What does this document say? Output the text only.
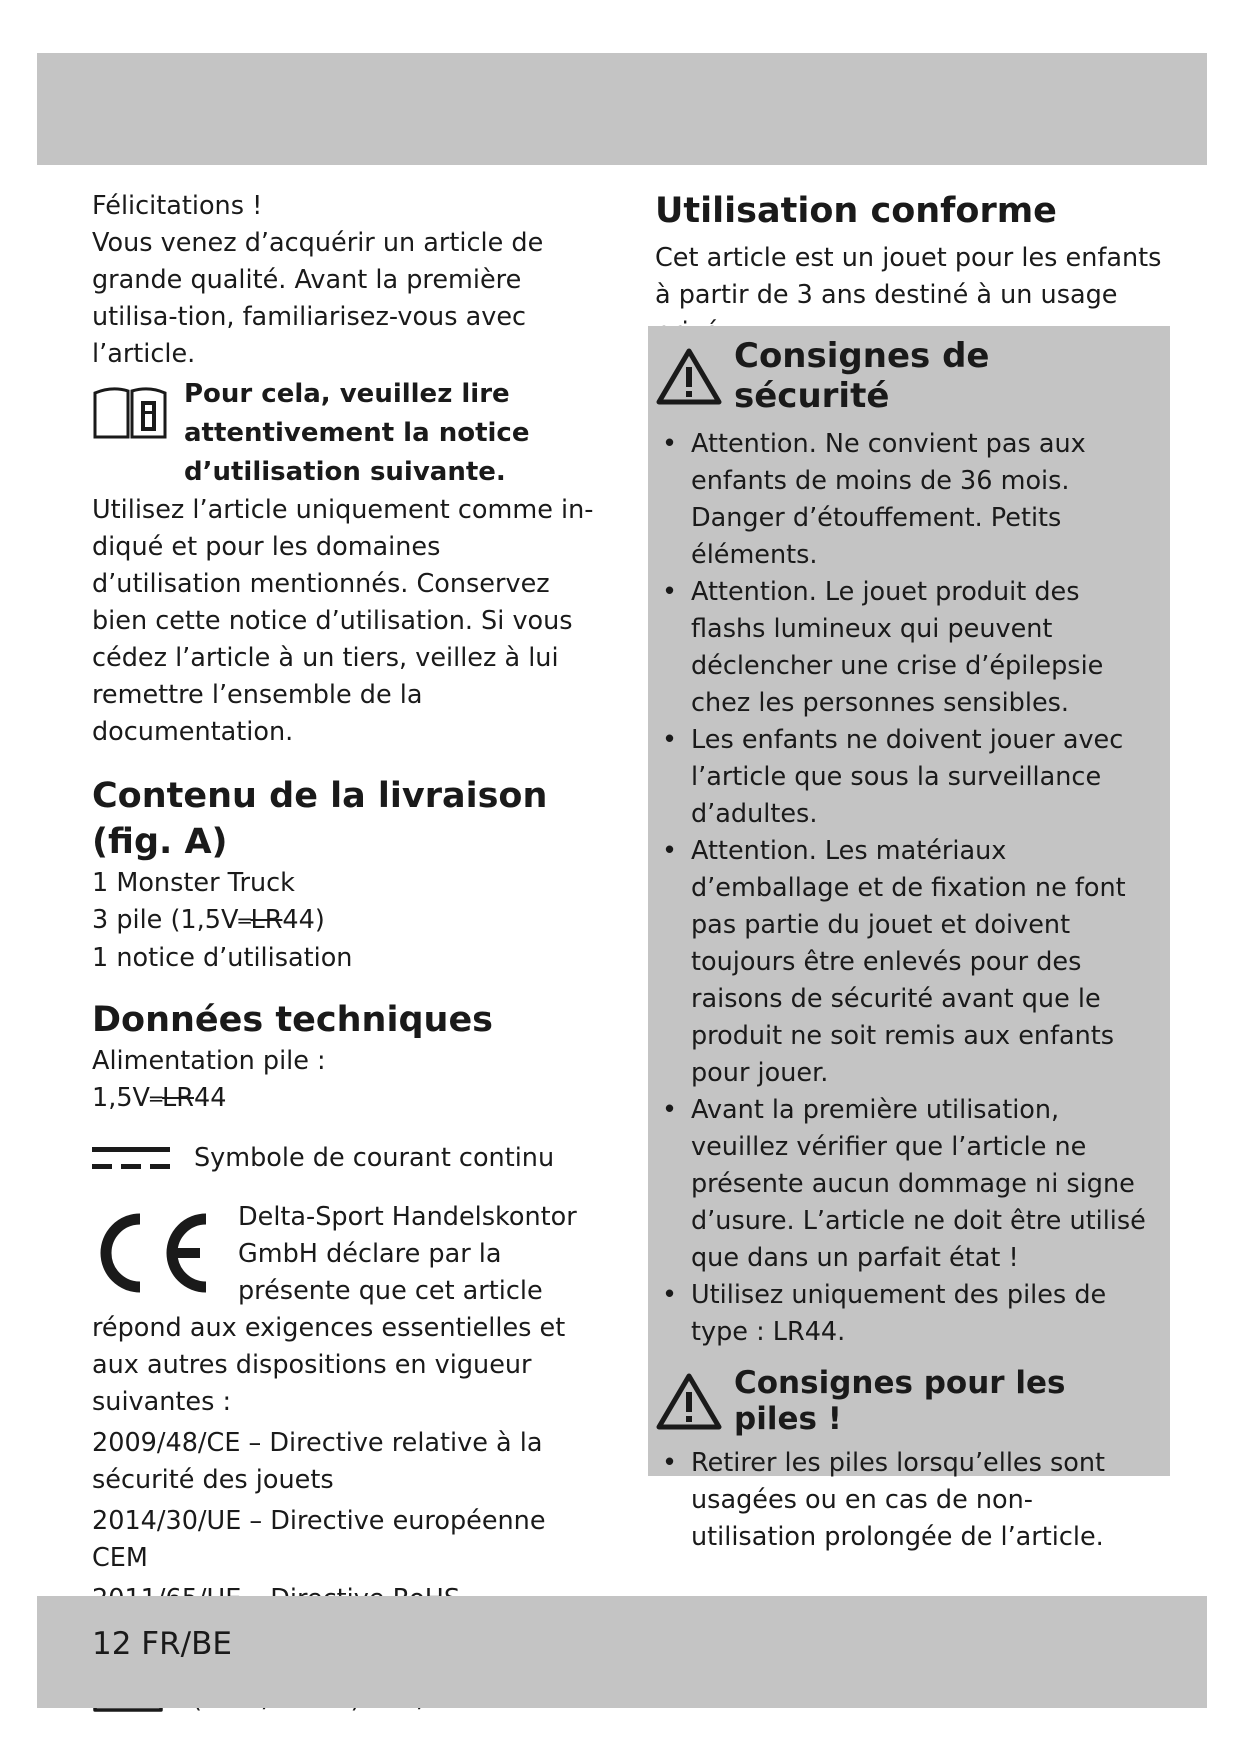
Félicitations !

Vous venez d’acquérir un article de grande qualité. Avant la première utilisa-tion, familiarisez-vous avec l’article.

Pour cela, veuillez lire
attentivement la notice
d’utilisation suivante.

Utilisez l’article uniquement comme in-diqué et pour les domaines d’utilisation mentionnés. Conservez bien cette notice d’utilisation. Si vous cédez l’article à un tiers, veillez à lui remettre l’ensemble de la documentation.

Contenu de la livraison

(fig. A)

1 Monster Truck

3 pile (1,5V═LR44)

1 notice d’utilisation

Données techniques

Alimentation pile :

1,5V═LR44

Symbole de courant continu

Delta-Sport Handelskontor

GmbH déclare par la

présente que cet article

répond aux exigences essentielles et aux autres dispositions en vigueur suivantes :

2009/48/CE – Directive relative à la sécurité des jouets

2014/30/UE – Directive européenne CEM

Utilisation conforme

Cet article est un jouet pour les enfants à partir de 3 ans destiné à un usage

Consignes de sécurité
• Attention. Ne convient pas aux enfants de moins de 36 mois. Danger d’étouffement. Petits éléments.
• Attention. Le jouet produit des flashs lumineux qui peuvent déclencher une crise d’épilepsie chez les personnes sensibles.
• Les enfants ne doivent jouer avec l’article que sous la surveillance d’adultes.
• Attention. Les matériaux d’emballage et de fixation ne font pas partie du jouet et doivent toujours être enlevés pour des raisons de sécurité avant que le produit ne soit remis aux enfants pour jouer.
• Avant la première utilisation, veuillez vérifier que l’article ne présente aucun dommage ni signe d’usure. L’article ne doit être utilisé que dans un parfait état !
• Utilisez uniquement des piles de type : LR44.
Consignes pour les piles !
• Retirer les piles lorsqu’elles sont usagées ou en cas de non-utilisation prolongée de l’article.
12 FR/BE
